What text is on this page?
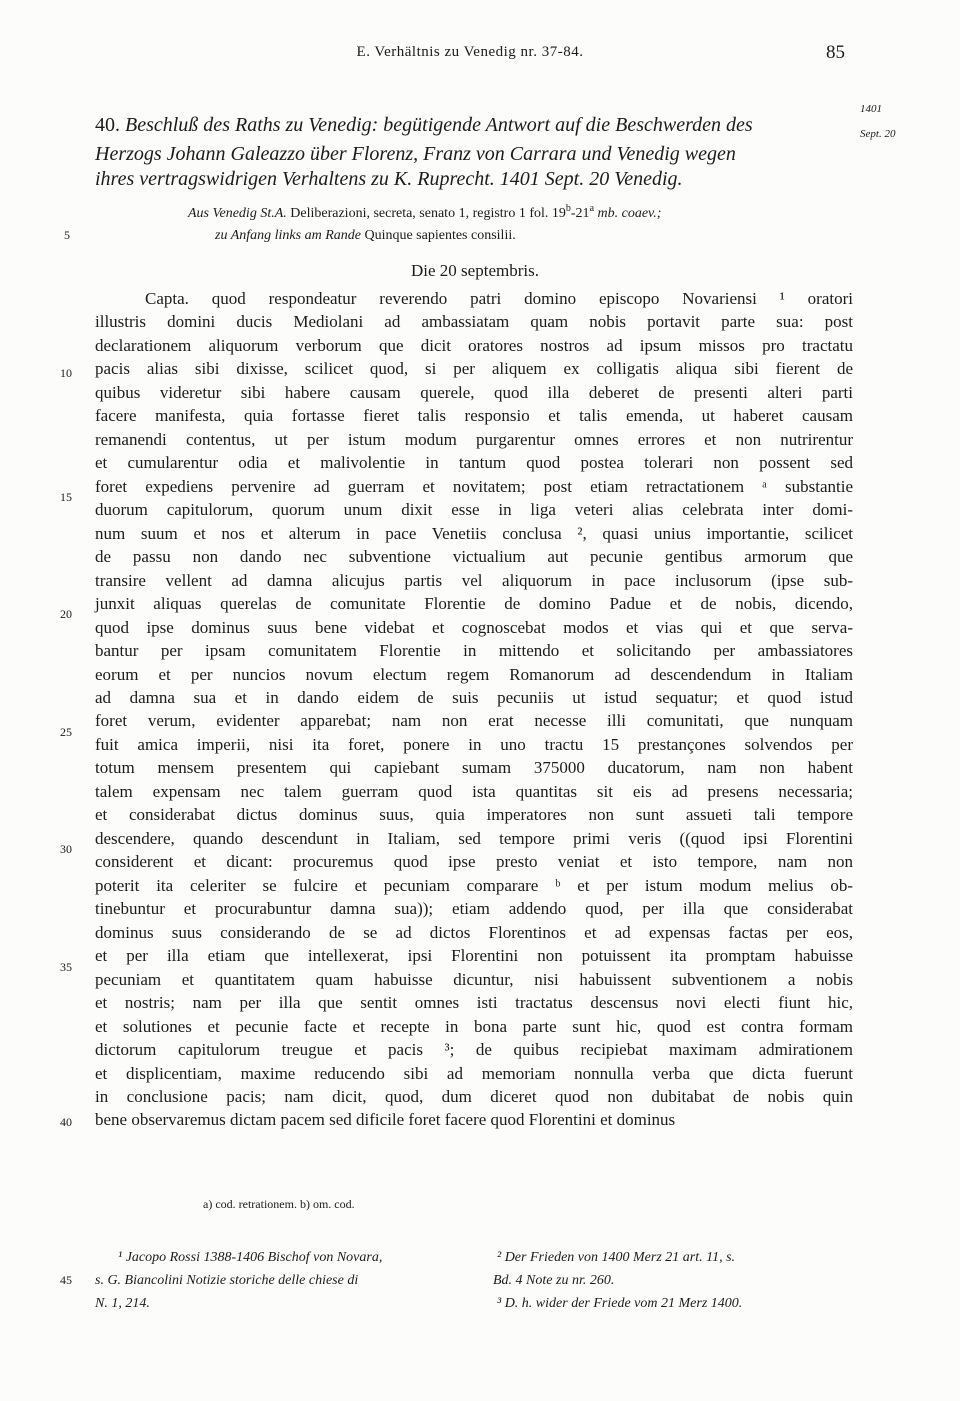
E. Verhältnis zu Venedig nr. 37-84.	85
1401
Sept. 20
40. Beschluß des Raths zu Venedig: begütigende Antwort auf die Beschwerden des
Herzogs Johann Galeazzo über Florenz, Franz von Carrara und Venedig wegen
ihres vertragswidrigen Verhaltens zu K. Ruprecht. 1401 Sept. 20 Venedig.
Aus Venedig St.A. Deliberazioni, secreta, senato 1, registro 1 fol. 19$^b$-21$^a$ mb. coaev.;
zu Anfang links am Rande Quinque sapientes consilii.
Die 20 septembris.
Capta. quod respondeatur reverendo patri domino episcopo Novariensi ¹ oratori
illustris domini ducis Mediolani ad ambassiatam quam nobis portavit parte sua: post
declarationem aliquorum verborum que dicit oratores nostros ad ipsum missos pro tractatu
pacis alias sibi dixisse, scilicet quod, si per aliquem ex colligatis aliqua sibi fierent de
quibus videretur sibi habere causam querele, quod illa deberet de presenti alteri parti
facere manifesta, quia fortasse fieret talis responsio et talis emenda, ut haberet causam
remanendi contentus, ut per istum modum purgarentur omnes errores et non nutrirentur
et cumularentur odia et malivolentie in tantum quod postea tolerari non possent sed
foret expediens pervenire ad guerram et novitatem; post etiam retractationem ᵃ substantie
duorum capitulorum, quorum unum dixit esse in liga veteri alias celebrata inter domi-
num suum et nos et alterum in pace Venetiis conclusa ², quasi unius importantie, scilicet
de passu non dando nec subventione victualium aut pecunie gentibus armorum que
transire vellent ad damna alicujus partis vel aliquorum in pace inclusorum (ipse sub-
junxit aliquas querelas de comunitate Florentie de domino Padue et de nobis, dicendo,
quod ipse dominus suus bene videbat et cognoscebat modos et vias qui et que serva-
bantur per ipsam comunitatem Florentie in mittendo et solicitando per ambassiatores
eorum et per nuncios novum electum regem Romanorum ad descendendum in Italiam
ad damna sua et in dando eidem de suis pecuniis ut istud sequatur; et quod istud
foret verum, evidenter apparebat; nam non erat necesse illi comunitati, que nunquam
fuit amica imperii, nisi ita foret, ponere in uno tractu 15 prestançones solvendos per
totum mensem presentem qui capiebant sumam 375000 ducatorum, nam non habent
talem expensam nec talem guerram quod ista quantitas sit eis ad presens necessaria;
et considerabat dictus dominus suus, quia imperatores non sunt assueti tali tempore
descendere, quando descendunt in Italiam, sed tempore primi veris ((quod ipsi Florentini
considerent et dicant: procuremus quod ipse presto veniat et isto tempore, nam non
poterit ita celeriter se fulcire et pecuniam comparare ᵇ et per istum modum melius ob-
tinebuntur et procurabuntur damna sua)); etiam addendo quod, per illa que considerabat
dominus suus considerando de se ad dictos Florentinos et ad expensas factas per eos,
et per illa etiam que intellexerat, ipsi Florentini non potuissent ita promptam habuisse
pecuniam et quantitatem quam habuisse dicuntur, nisi habuissent subventionem a nobis
et nostris; nam per illa que sentit omnes isti tractatus descensus novi electi fiunt hic,
et solutiones et pecunie facte et recepte in bona parte sunt hic, quod est contra formam
dictorum capitulorum treugue et pacis ³; de quibus recipiebat maximam admirationem
et displicentiam, maxime reducendo sibi ad memoriam nonnulla verba que dicta fuerunt
in conclusione pacis; nam dicit, quod, dum diceret quod non dubitabat de nobis quin
bene observaremus dictam pacem sed dificile foret facere quod Florentini et dominus
5
10
15
20
25
30
35
40
45
a) cod. retrationem. b) om. cod.
¹ Jacopo Rossi 1388-1406 Bischof von Novara,
s. G. Biancolini Notizie storiche delle chiese di
N. 1, 214.
² Der Frieden von 1400 Merz 21 art. 11, s.
Bd. 4 Note zu nr. 260.
³ D. h. wider der Friede vom 21 Merz 1400.
